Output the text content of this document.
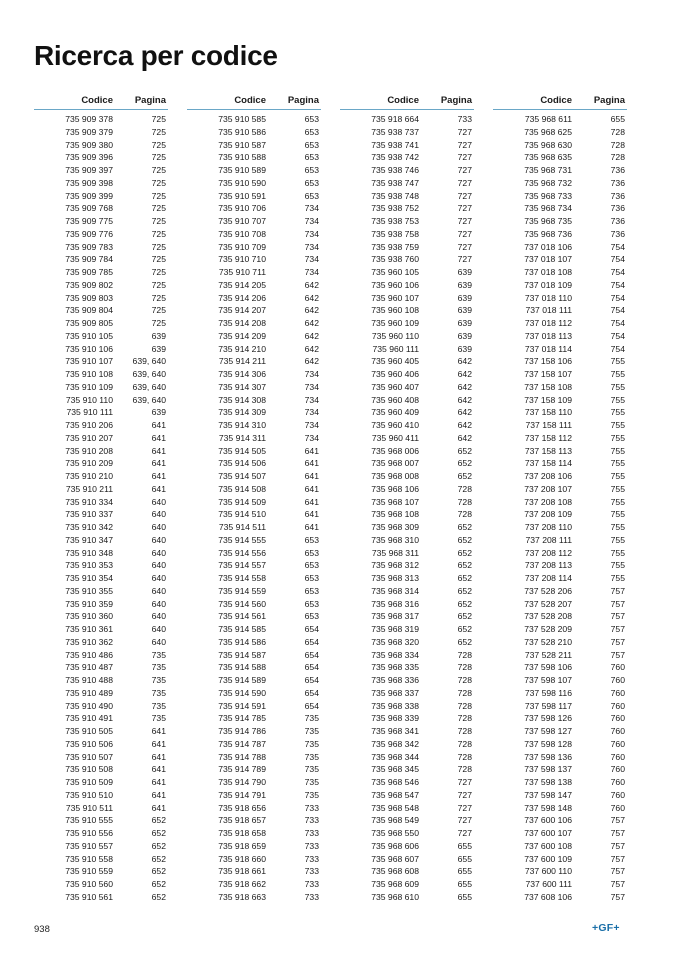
Ricerca per codice
Codice Pagina
735 909 378	725
735 909 379	725
735 909 380	725
735 909 396	725
735 909 397	725
735 909 398	725
735 909 399	725
735 909 768	725
735 909 775	725
735 909 776	725
735 909 783	725
735 909 784	725
735 909 785	725
735 909 802	725
735 909 803	725
735 909 804	725
735 909 805	725
735 910 105	639
735 910 106	639
735 910 107 639, 640
735 910 108 639, 640
735 910 109 639, 640
735 910 110 639, 640
735 910 111	639
735 910 206	641
735 910 207	641
735 910 208	641
735 910 209	641
735 910 210	641
735 910 211	641
735 910 334	640
735 910 337	640
735 910 342	640
735 910 347	640
735 910 348	640
735 910 353	640
735 910 354	640
735 910 355	640
735 910 359	640
735 910 360	640
735 910 361	640
735 910 362	640
735 910 486	735
735 910 487	735
735 910 488	735
735 910 489	735
735 910 490	735
735 910 491	735
735 910 505	641
735 910 506	641
735 910 507	641
735 910 508	641
735 910 509	641
735 910 510	641
735 910 511	641
735 910 555	652
735 910 556	652
735 910 557	652
735 910 558	652
735 910 559	652
735 910 560	652
735 910 561	652
Codice Pagina
735 910 585	653
735 910 586	653
735 910 587	653
735 910 588	653
735 910 589	653
735 910 590	653
735 910 591	653
735 910 706	734
735 910 707	734
735 910 708	734
735 910 709	734
735 910 710	734
735 910 711	734
735 914 205	642
735 914 206	642
735 914 207	642
735 914 208	642
735 914 209	642
735 914 210	642
735 914 211	642
735 914 306	734
735 914 307	734
735 914 308	734
735 914 309	734
735 914 310	734
735 914 311	734
735 914 505	641
735 914 506	641
735 914 507	641
735 914 508	641
735 914 509	641
735 914 510	641
735 914 511	641
735 914 555	653
735 914 556	653
735 914 557	653
735 914 558	653
735 914 559	653
735 914 560	653
735 914 561	653
735 914 585	654
735 914 586	654
735 914 587	654
735 914 588	654
735 914 589	654
735 914 590	654
735 914 591	654
735 914 785	735
735 914 786	735
735 914 787	735
735 914 788	735
735 914 789	735
735 914 790	735
735 914 791	735
735 918 656	733
735 918 657	733
735 918 658	733
735 918 659	733
735 918 660	733
735 918 661	733
735 918 662	733
735 918 663	733
Codice Pagina
735 918 664	733
735 938 737	727
735 938 741	727
735 938 742	727
735 938 746	727
735 938 747	727
735 938 748	727
735 938 752	727
735 938 753	727
735 938 758	727
735 938 759	727
735 938 760	727
735 960 105	639
735 960 106	639
735 960 107	639
735 960 108	639
735 960 109	639
735 960 110	639
735 960 111	639
735 960 405	642
735 960 406	642
735 960 407	642
735 960 408	642
735 960 409	642
735 960 410	642
735 960 411	642
735 968 006	652
735 968 007	652
735 968 008	652
735 968 106	728
735 968 107	728
735 968 108	728
735 968 309	652
735 968 310	652
735 968 311	652
735 968 312	652
735 968 313	652
735 968 314	652
735 968 316	652
735 968 317	652
735 968 319	652
735 968 320	652
735 968 334	728
735 968 335	728
735 968 336	728
735 968 337	728
735 968 338	728
735 968 339	728
735 968 341	728
735 968 342	728
735 968 344	728
735 968 345	728
735 968 546	727
735 968 547	727
735 968 548	727
735 968 549	727
735 968 550	727
735 968 606	655
735 968 607	655
735 968 608	655
735 968 609	655
735 968 610	655
Codice Pagina
735 968 611	655
735 968 625	728
735 968 630	728
735 968 635	728
735 968 731	736
735 968 732	736
735 968 733	736
735 968 734	736
735 968 735	736
735 968 736	736
737 018 106	754
737 018 107	754
737 018 108	754
737 018 109	754
737 018 110	754
737 018 111	754
737 018 112	754
737 018 113	754
737 018 114	754
737 158 106	755
737 158 107	755
737 158 108	755
737 158 109	755
737 158 110	755
737 158 111	755
737 158 112	755
737 158 113	755
737 158 114	755
737 208 106	755
737 208 107	755
737 208 108	755
737 208 109	755
737 208 110	755
737 208 111	755
737 208 112	755
737 208 113	755
737 208 114	755
737 528 206	757
737 528 207	757
737 528 208	757
737 528 209	757
737 528 210	757
737 528 211	757
737 598 106	760
737 598 107	760
737 598 116	760
737 598 117	760
737 598 126	760
737 598 127	760
737 598 128	760
737 598 136	760
737 598 137	760
737 598 138	760
737 598 147	760
737 598 148	760
737 600 106	757
737 600 107	757
737 600 108	757
737 600 109	757
737 600 110	757
737 600 111	757
737 608 106	757
938	+GF+
